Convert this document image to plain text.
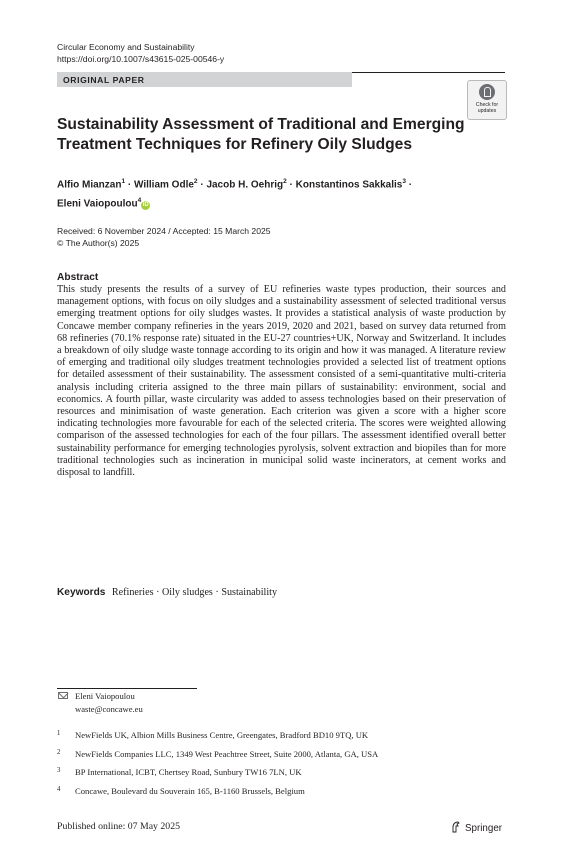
Circular Economy and Sustainability
https://doi.org/10.1007/s43615-025-00546-y
ORIGINAL PAPER
Check for
updates
Sustainability Assessment of Traditional and Emerging Treatment Techniques for Refinery Oily Sludges
Alfio Mianzan$^1$ · William Odle$^2$ · Jacob H. Oehrig$^2$ · Konstantinos Sakkalis$^3$ ·
Eleni Vaiopoulou$^4$iD
Received: 6 November 2024 / Accepted: 15 March 2025
© The Author(s) 2025
Abstract
This study presents the results of a survey of EU refineries waste types production, their sources and management options, with focus on oily sludges and a sustainability assessment of selected traditional versus emerging treatment options for oily sludges wastes. It provides a statistical analysis of waste production by Concawe member company refineries in the years 2019, 2020 and 2021, based on survey data returned from 68 refineries (70.1% response rate) situated in the EU-27 countries+UK, Norway and Switzerland. It includes a breakdown of oily sludge waste tonnage according to its origin and how it was managed. A literature review of emerging and traditional oily sludges treatment technologies provided a selected list of treatment options for detailed assessment of their sustainability. The assessment consisted of a semi-quantitative multi-criteria analysis including criteria assigned to the three main pillars of sustainability: environment, social and economics. A fourth pillar, waste circularity was added to assess technologies based on their preservation of resources and minimisation of waste generation. Each criterion was given a score with a higher score indicating technologies more favourable for each of the selected criteria. The scores were weighted allowing comparison of the assessed technologies for each of the four pillars. The assessment identified overall better sustainability performance for emerging technologies pyrolysis, solvent extraction and biopiles than for more traditional technologies such as incineration in municipal solid waste incinerators, at cement works and disposal to landfill.
Keywords Refineries · Oily sludges · Sustainability
Eleni Vaiopoulou
waste@concawe.eu
1 NewFields UK, Albion Mills Business Centre, Greengates, Bradford BD10 9TQ, UK
2 NewFields Companies LLC, 1349 West Peachtree Street, Suite 2000, Atlanta, GA, USA
3 BP International, ICBT, Chertsey Road, Sunbury TW16 7LN, UK
4 Concawe, Boulevard du Souverain 165, B-1160 Brussels, Belgium
Published online: 07 May 2025	Springer
